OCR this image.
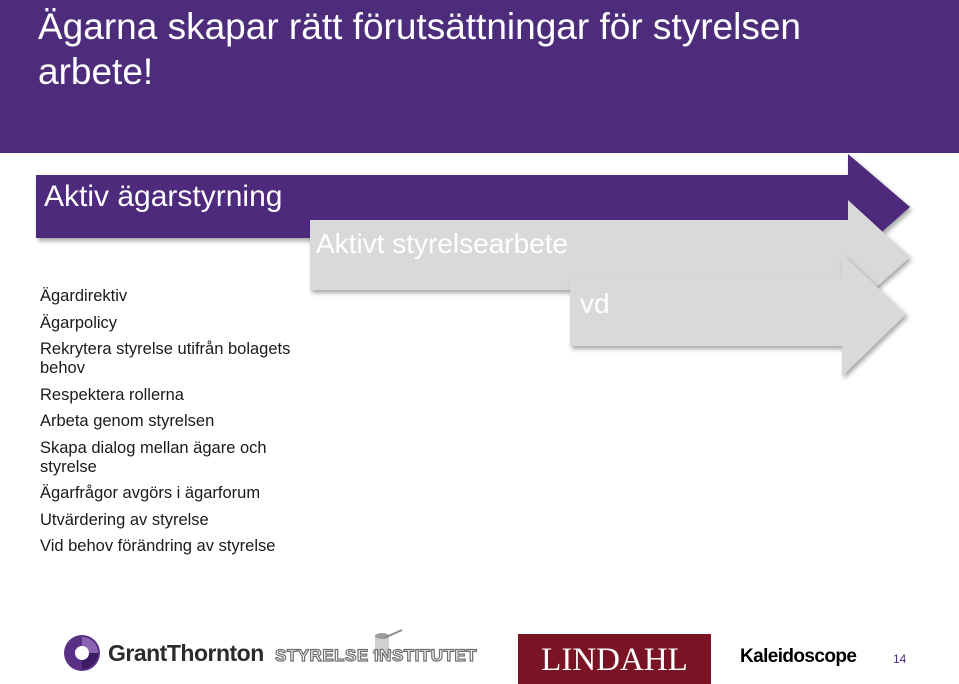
Ägarna skapar rätt förutsättningar för styrelsen arbete!
Aktiv ägarstyrning
Aktivt styrelsearbete
vd
Ägardirektiv
Ägarpolicy
Rekrytera styrelse utifrån bolagets behov
Respektera rollerna
Arbeta genom styrelsen
Skapa dialog mellan ägare och styrelse
Ägarfrågor avgörs i ägarforum
Utvärdering av styrelse
Vid behov förändring av styrelse
GrantThornton STYRELSE INSTITUTET	LINDAHL	Kaleidoscope	14
